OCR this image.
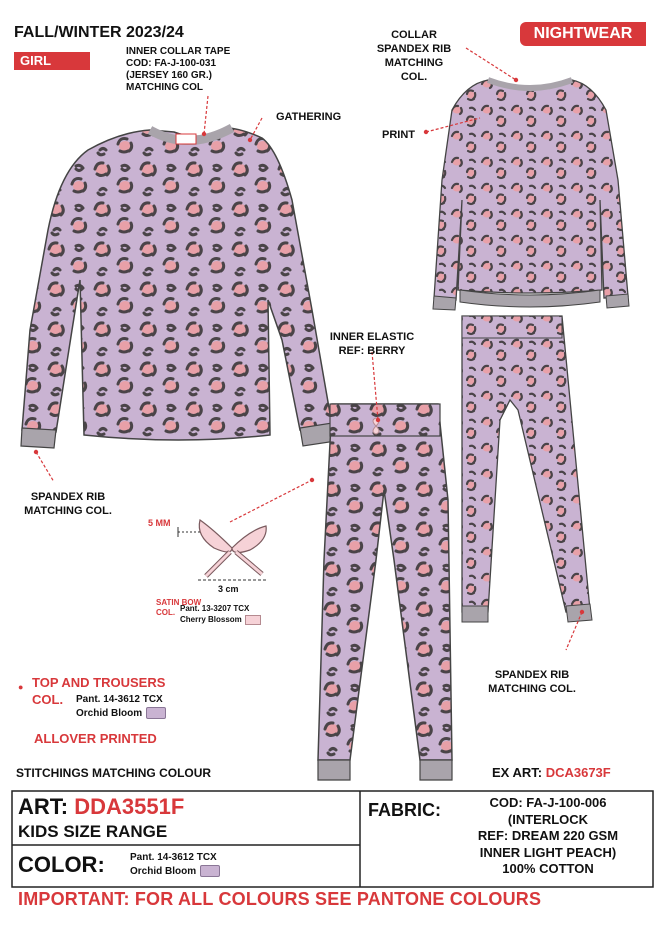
FALL/WINTER 2023/24
GIRL
NIGHTWEAR
INNER COLLAR TAPE
COD: FA-J-100-031
(JERSEY 160 GR.)
MATCHING COL
GATHERING
COLLAR
SPANDEX RIB
MATCHING COL.
PRINT
INNER ELASTIC
REF: BERRY
SPANDEX RIB
MATCHING COL.
SPANDEX RIB
MATCHING COL.
5 MM
3 cm
SATIN BOW
COL. Pant. 13-3207 TCX
Cherry Blossom
● TOP AND TROUSERS
COL.	Pant. 14-3612 TCX
Orchid Bloom
ALLOVER PRINTED
STITCHINGS MATCHING COLOUR	EX ART: DCA3673F
ART: DDA3551F
KIDS SIZE RANGE
COLOR:	Pant. 14-3612 TCX
Orchid Bloom
FABRIC:	COD: FA-J-100-006
(INTERLOCK
REF: DREAM 220 GSM
INNER LIGHT PEACH)
100% COTTON
IMPORTANT: FOR ALL COLOURS SEE PANTONE COLOURS
